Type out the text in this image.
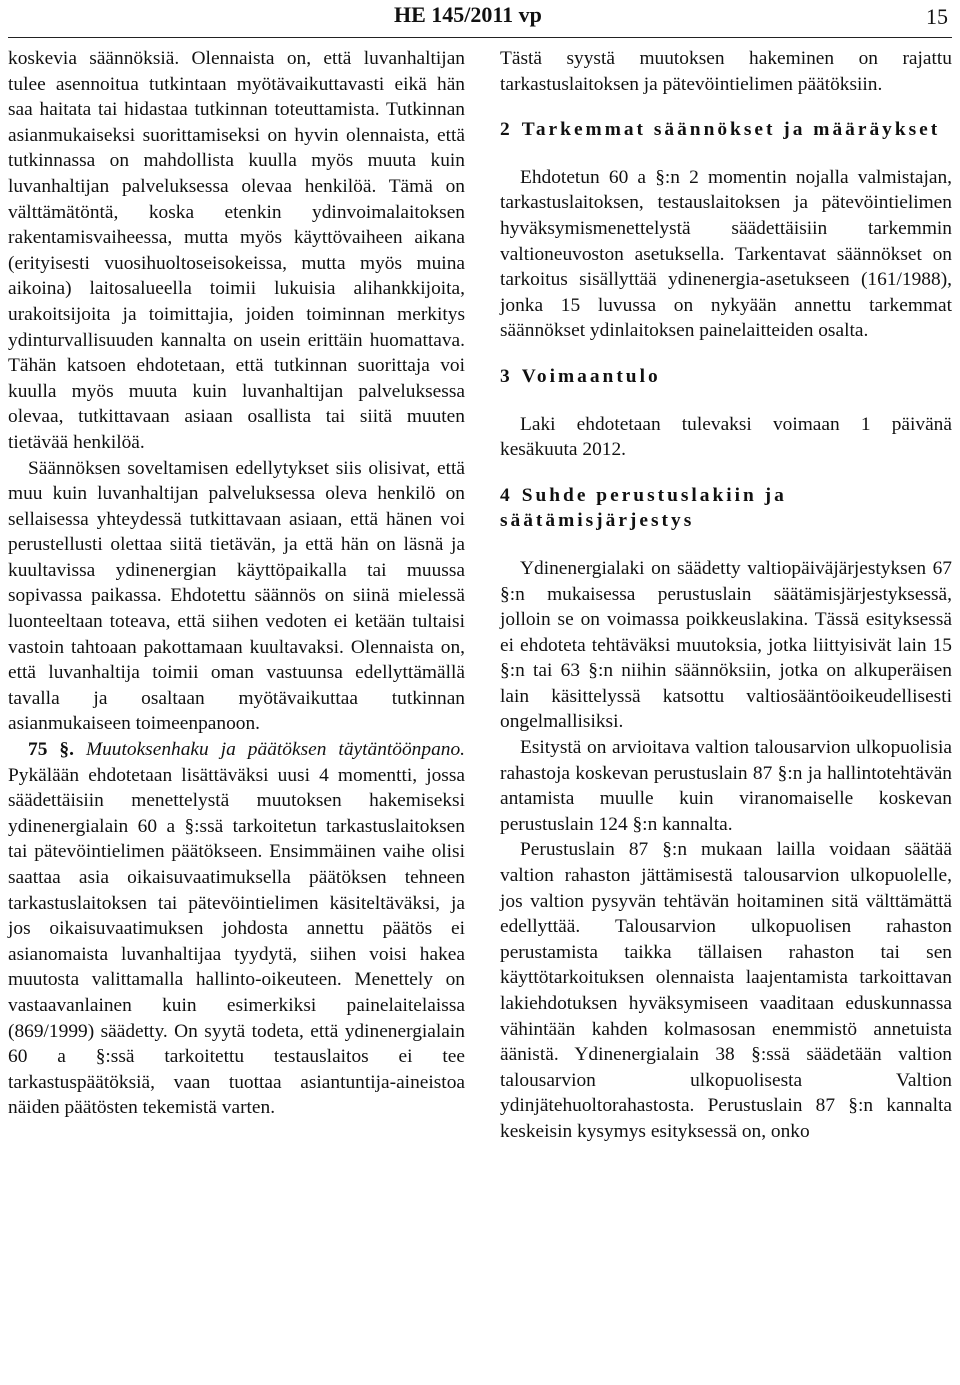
HE 145/2011 vp	15

koskevia säännöksiä. Olennaista on, että luvanhaltijan tulee asennoitua tutkintaan myötävaikuttavasti eikä hän saa haitata tai hidastaa tutkinnan toteuttamista. Tutkinnan asianmukaiseksi suorittamiseksi on hyvin olennaista, että tutkinnassa on mahdollista kuulla myös muuta kuin luvanhaltijan palveluksessa olevaa henkilöä. Tämä on välttämätöntä, koska etenkin ydinvoimalaitoksen rakentamisvaiheessa, mutta myös käyttövaiheen aikana (erityisesti vuosihuoltoseisokeissa, mutta myös muina aikoina) laitosalueella toimii lukuisia alihankkijoita, urakoitsijoita ja toimittajia, joiden toiminnan merkitys ydinturvallisuuden kannalta on usein erittäin huomattava. Tähän katsoen ehdotetaan, että tutkinnan suorittaja voi kuulla myös muuta kuin luvanhaltijan palveluksessa olevaa, tutkittavaan asiaan osallista tai siitä muuten tietävää henkilöä.

Säännöksen soveltamisen edellytykset siis olisivat, että muu kuin luvanhaltijan palveluksessa oleva henkilö on sellaisessa yhteydessä tutkittavaan asiaan, että hänen voi perustellusti olettaa siitä tietävän, ja että hän on läsnä ja kuultavissa ydinenergian käyttöpaikalla tai muussa sopivassa paikassa. Ehdotettu säännös on siinä mielessä luonteeltaan toteava, että siihen vedoten ei ketään tultaisi vastoin tahtoaan pakottamaan kuultavaksi. Olennaista on, että luvanhaltija toimii oman vastuunsa edellyttämällä tavalla ja osaltaan myötävaikuttaa tutkinnan asianmukaiseen toimeenpanoon.

75 §. Muutoksenhaku ja päätöksen täytäntöönpano. Pykälään ehdotetaan lisättäväksi uusi 4 momentti, jossa säädettäisiin menettelystä muutoksen hakemiseksi ydinenergialain 60 a §:ssä tarkoitetun tarkastuslaitoksen tai pätevöintielimen päätökseen. Ensimmäinen vaihe olisi saattaa asia oikaisuvaatimuksella päätöksen tehneen tarkastuslaitoksen tai pätevöintielimen käsiteltäväksi, ja jos oikaisuvaatimuksen johdosta annettu päätös ei asianomaista luvanhaltijaa tyydytä, siihen voisi hakea muutosta valittamalla hallinto-oikeuteen. Menettely on vastaavanlainen kuin esimerkiksi painelaitelaissa (869/1999) säädetty. On syytä todeta, että ydinenergialain 60 a §:ssä tarkoitettu testauslaitos ei tee tarkastuspäätöksiä, vaan tuottaa asiantuntija-aineistoa näiden päätösten tekemistä varten.

Tästä syystä muutoksen hakeminen on rajattu tarkastuslaitoksen ja pätevöintielimen päätöksiin.

2 Tarkemmat säännökset ja määräykset

Ehdotetun 60 a §:n 2 momentin nojalla valmistajan, tarkastuslaitoksen, testauslaitoksen ja pätevöintielimen hyväksymismenettelystä säädettäisiin tarkemmin valtioneuvoston asetuksella. Tarkentavat säännökset on tarkoitus sisällyttää ydinenergia-asetukseen (161/1988), jonka 15 luvussa on nykyään annettu tarkemmat säännökset ydinlaitoksen painelaitteiden osalta.

3 Voimaantulo

Laki ehdotetaan tulevaksi voimaan 1 päivänä kesäkuuta 2012.

4 Suhde perustuslakiin ja säätämisjärjestys

Ydinenergialaki on säädetty valtiopäiväjärjestyksen 67 §:n mukaisessa perustuslain säätämisjärjestyksessä, jolloin se on voimassa poikkeuslakina. Tässä esityksessä ei ehdoteta tehtäväksi muutoksia, jotka liittyisivät lain 15 §:n tai 63 §:n niihin säännöksiin, jotka on alkuperäisen lain käsittelyssä katsottu valtiosääntöoikeudellisesti ongelmallisiksi.

Esitystä on arvioitava valtion talousarvion ulkopuolisia rahastoja koskevan perustuslain 87 §:n ja hallintotehtävän antamista muulle kuin viranomaiselle koskevan perustuslain 124 §:n kannalta.

Perustuslain 87 §:n mukaan lailla voidaan säätää valtion rahaston jättämisestä talousarvion ulkopuolelle, jos valtion pysyvän tehtävän hoitaminen sitä välttämättä edellyttää. Talousarvion ulkopuolisen rahaston perustamista taikka tällaisen rahaston tai sen käyttötarkoituksen olennaista laajentamista tarkoittavan lakiehdotuksen hyväksymiseen vaaditaan eduskunnassa vähintään kahden kolmasosan enemmistö annetuista äänistä. Ydinenergialain 38 §:ssä säädetään valtion talousarvion ulkopuolisesta Valtion ydinjätehuoltorahastosta. Perustuslain 87 §:n kannalta keskeisin kysymys esityksessä on, onko
